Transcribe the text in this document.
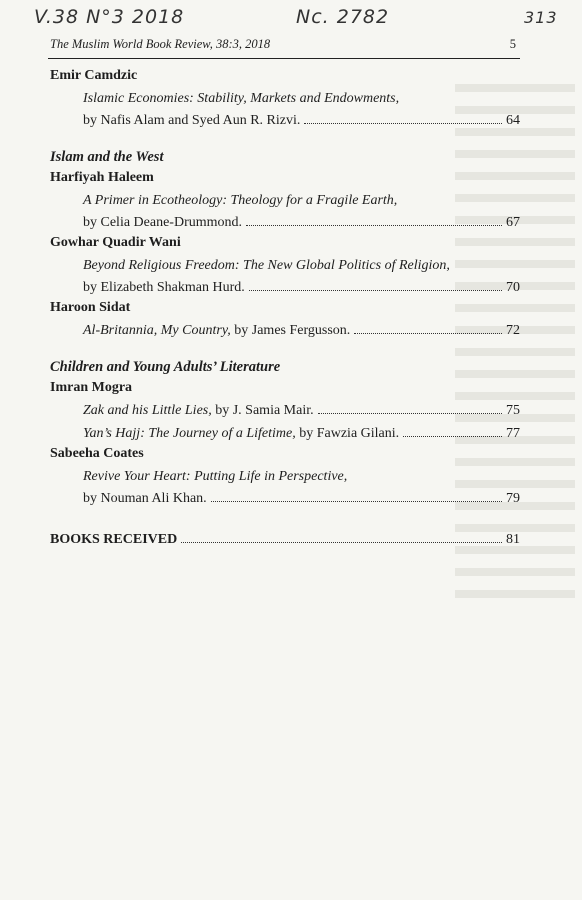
V.38 N°3 2018	Nc. 2782	313
The Muslim World Book Review, 38:3, 2018	5
Emir Camdzic
Islamic Economies: Stability, Markets and Endowments,
by Nafis Alam and Syed Aun R. Rizvi.	64
Islam and the West
Harfiyah Haleem
A Primer in Ecotheology: Theology for a Fragile Earth,
by Celia Deane-Drummond.	67
Gowhar Quadir Wani
Beyond Religious Freedom: The New Global Politics of Religion,
by Elizabeth Shakman Hurd.	70
Haroon Sidat
Al-Britannia, My Country, by James Fergusson.	72
Children and Young Adults’ Literature
Imran Mogra
Zak and his Little Lies, by J. Samia Mair.	75
Yan’s Hajj: The Journey of a Lifetime, by Fawzia Gilani.	77
Sabeeha Coates
Revive Your Heart: Putting Life in Perspective,
by Nouman Ali Khan.	79
BOOKS RECEIVED	81
